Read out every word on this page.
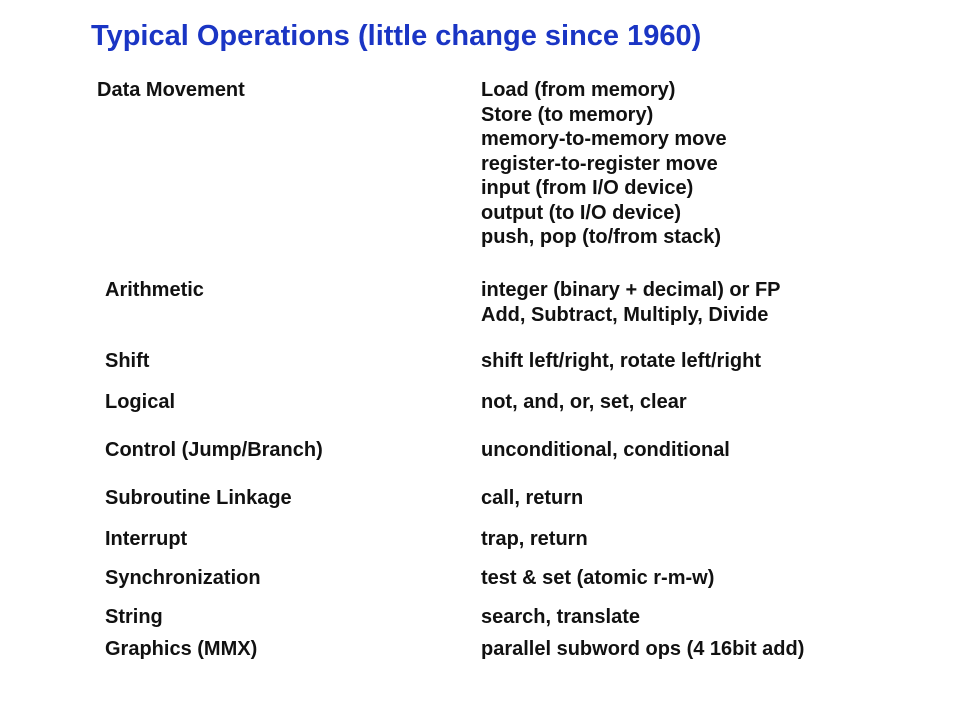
Typical Operations (little change since 1960)
Data Movement	Load (from memory)
Store (to memory)
memory-to-memory move
register-to-register move
input (from I/O device)
output (to I/O device)
push, pop (to/from stack)
Arithmetic	integer (binary + decimal) or FP
Add, Subtract, Multiply, Divide
Shift	shift left/right, rotate left/right
Logical	not, and, or, set, clear
Control (Jump/Branch)	unconditional, conditional
Subroutine Linkage	call, return
Interrupt	trap, return
Synchronization	test & set (atomic r-m-w)
String	search, translate
Graphics (MMX)	parallel subword ops (4 16bit add)
